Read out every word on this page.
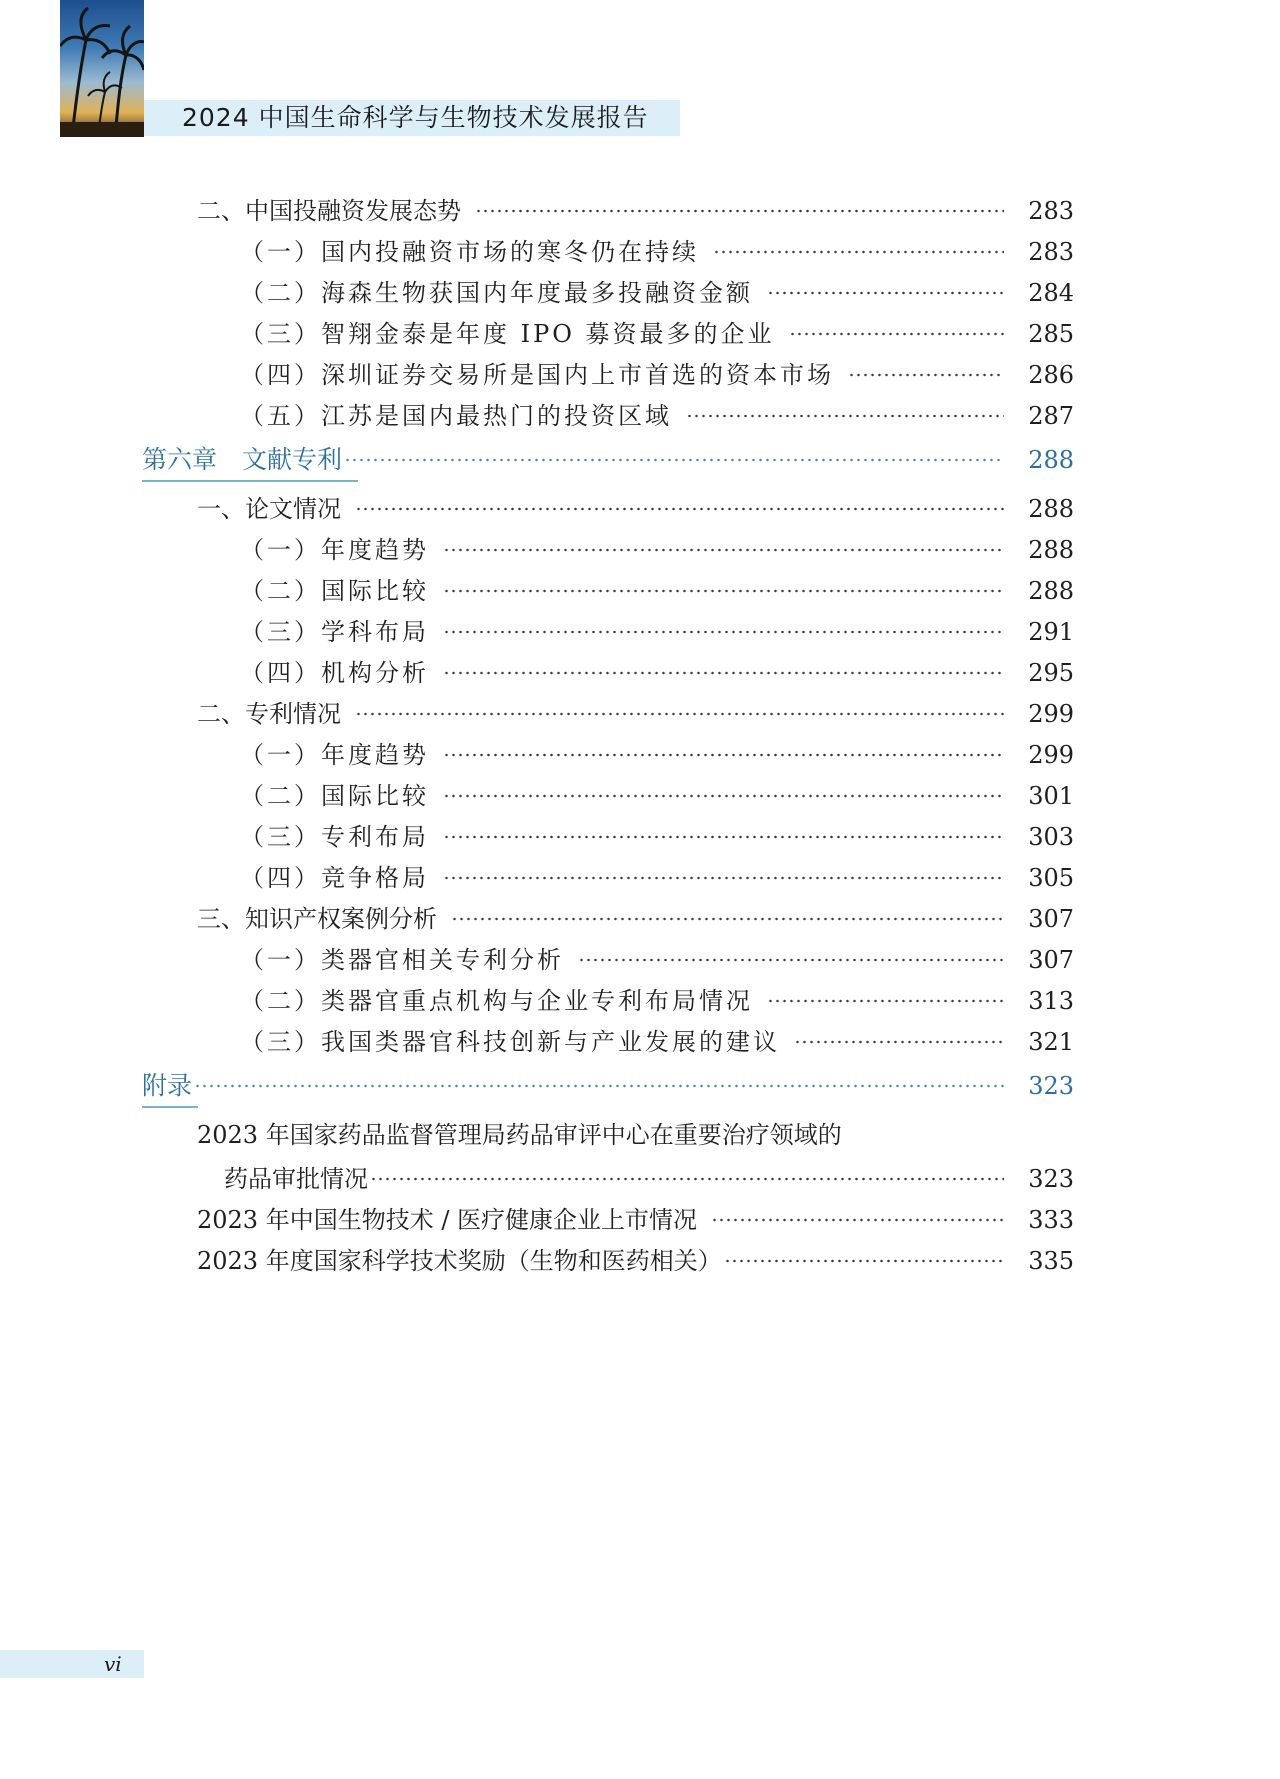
2024 中国生命科学与生物技术发展报告
二、中国投融资发展态势	283
（一）国内投融资市场的寒冬仍在持续	283
（二）海森生物获国内年度最多投融资金额	284
（三）智翔金泰是年度 IPO 募资最多的企业	285
（四）深圳证券交易所是国内上市首选的资本市场	286
（五）江苏是国内最热门的投资区域	287
第六章　文献专利	288
一、论文情况	288
（一）年度趋势	288
（二）国际比较	288
（三）学科布局	291
（四）机构分析	295
二、专利情况	299
（一）年度趋势	299
（二）国际比较	301
（三）专利布局	303
（四）竞争格局	305
三、知识产权案例分析	307
（一）类器官相关专利分析	307
（二）类器官重点机构与企业专利布局情况	313
（三）我国类器官科技创新与产业发展的建议	321
附录	323
2023 年国家药品监督管理局药品审评中心在重要治疗领域的
药品审批情况	323
2023 年中国生物技术 / 医疗健康企业上市情况	333
2023 年度国家科学技术奖励（生物和医药相关）	335
vi
